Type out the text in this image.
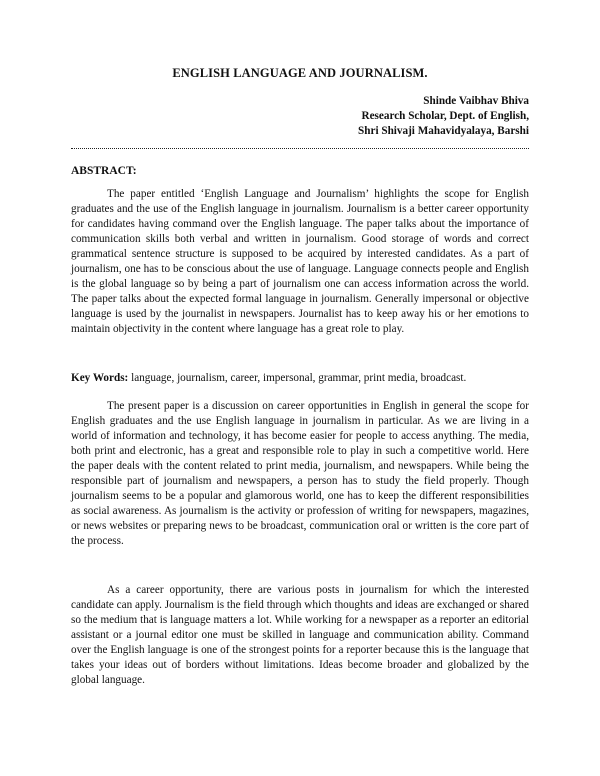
ENGLISH LANGUAGE AND JOURNALISM.
Shinde Vaibhav Bhiva
Research Scholar, Dept. of English,
Shri Shivaji Mahavidyalaya, Barshi
ABSTRACT:

The paper entitled ‘English Language and Journalism’ highlights the scope for English graduates and the use of the English language in journalism. Journalism is a better career opportunity for candidates having command over the English language. The paper talks about the importance of communication skills both verbal and written in journalism. Good storage of words and correct grammatical sentence structure is supposed to be acquired by interested candidates. As a part of journalism, one has to be conscious about the use of language. Language connects people and English is the global language so by being a part of journalism one can access information across the world. The paper talks about the expected formal language in journalism. Generally impersonal or objective language is used by the journalist in newspapers. Journalist has to keep away his or her emotions to maintain objectivity in the content where language has a great role to play.

Key Words: language, journalism, career, impersonal, grammar, print media, broadcast.

The present paper is a discussion on career opportunities in English in general the scope for English graduates and the use English language in journalism in particular. As we are living in a world of information and technology, it has become easier for people to access anything. The media, both print and electronic, has a great and responsible role to play in such a competitive world. Here the paper deals with the content related to print media, journalism, and newspapers. While being the responsible part of journalism and newspapers, a person has to study the field properly. Though journalism seems to be a popular and glamorous world, one has to keep the different responsibilities as social awareness. As journalism is the activity or profession of writing for newspapers, magazines, or news websites or preparing news to be broadcast, communication oral or written is the core part of the process.

As a career opportunity, there are various posts in journalism for which the interested candidate can apply. Journalism is the field through which thoughts and ideas are exchanged or shared so the medium that is language matters a lot. While working for a newspaper as a reporter an editorial assistant or a journal editor one must be skilled in language and communication ability. Command over the English language is one of the strongest points for a reporter because this is the language that takes your ideas out of borders without limitations. Ideas become broader and globalized by the global language.
